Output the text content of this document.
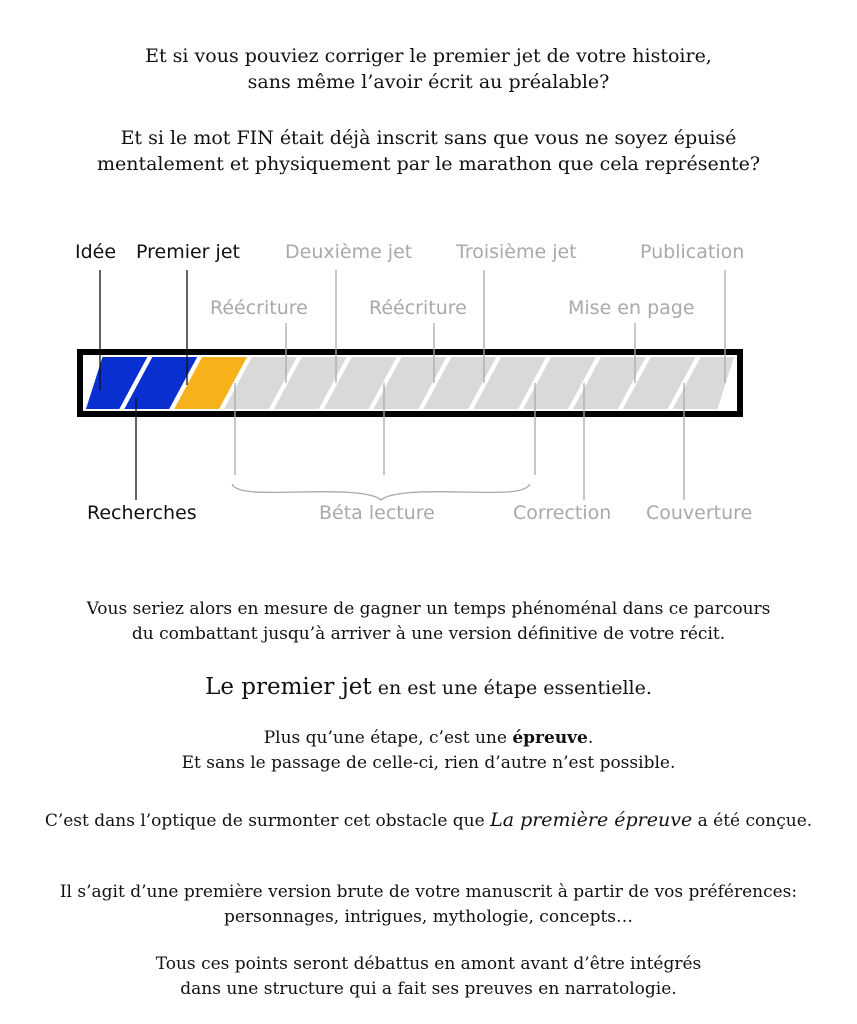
Et si vous pouviez corriger le premier jet de votre histoire,
sans même l’avoir écrit au préalable?
Et si le mot FIN était déjà inscrit sans que vous ne soyez épuisé
mentalement et physiquement par le marathon que cela représente?
Idée Premier jet Deuxième jet Troisième jet	Publication
Réécriture	Réécriture	Mise en page
Recherches	Béta lecture	Correction Couverture
Vous seriez alors en mesure de gagner un temps phénoménal dans ce parcours
du combattant jusqu’à arriver à une version définitive de votre récit.
Le premier jet en est une étape essentielle.
Plus qu’une étape, c’est une épreuve.
Et sans le passage de celle-ci, rien d’autre n’est possible.
C’est dans l’optique de surmonter cet obstacle que La première épreuve a été conçue.
Il s’agit d’une première version brute de votre manuscrit à partir de vos préférences:
personnages, intrigues, mythologie, concepts…
Tous ces points seront débattus en amont avant d’être intégrés
dans une structure qui a fait ses preuves en narratologie.
